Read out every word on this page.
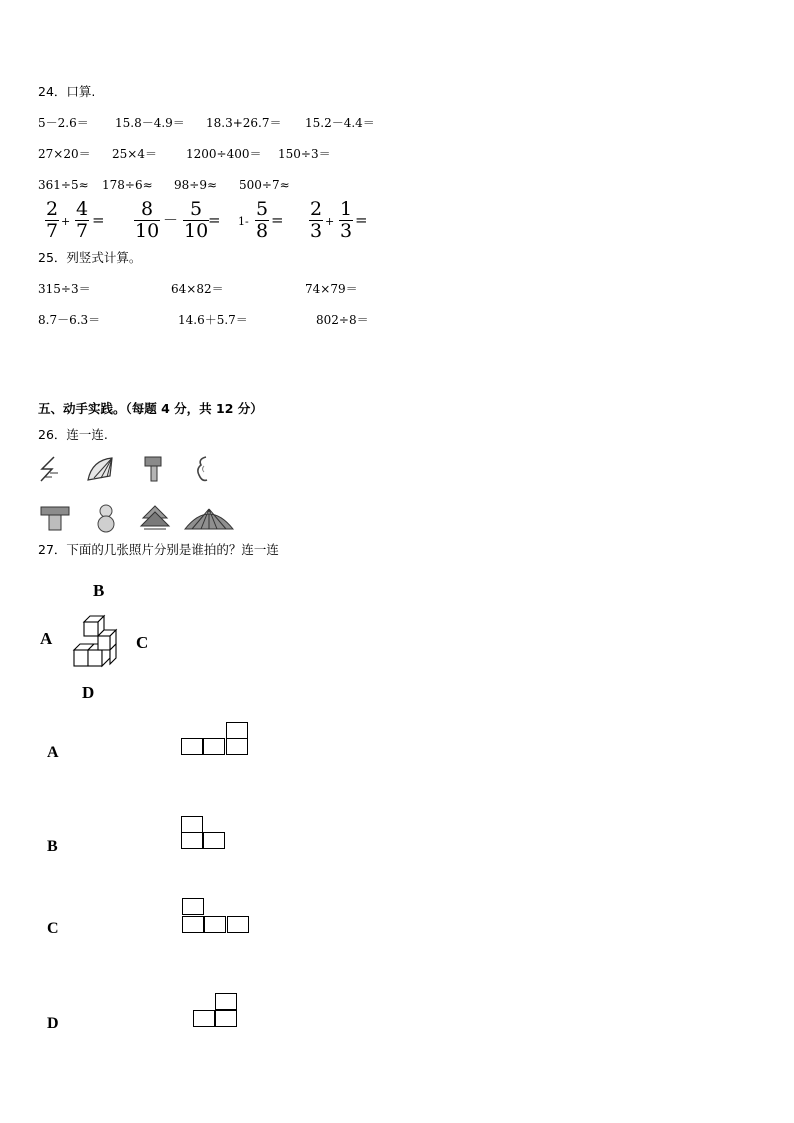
24．口算.
5－2.6＝ 15.8－4.9＝ 18.3+26.7＝ 15.2－4.4＝
27×20＝ 25×4＝ 1200÷400＝ 150÷3＝
361÷5≈ 178÷6≈ 98÷9≈ 500÷7≈
2
7 +
4
7 = 8
10 － 5
10 = 1-
5
8 = 2
3 +
1
3 =
25．列竖式计算。
315÷3＝	64×82＝	74×79＝
8.7－6.3＝	14.6＋5.7＝	802÷8＝
五、动手实践。（每题 4 分，共 12 分）
26．连一连.
27．下面的几张照片分别是谁拍的？连一连
B
A	C
D
A
B
C
D
